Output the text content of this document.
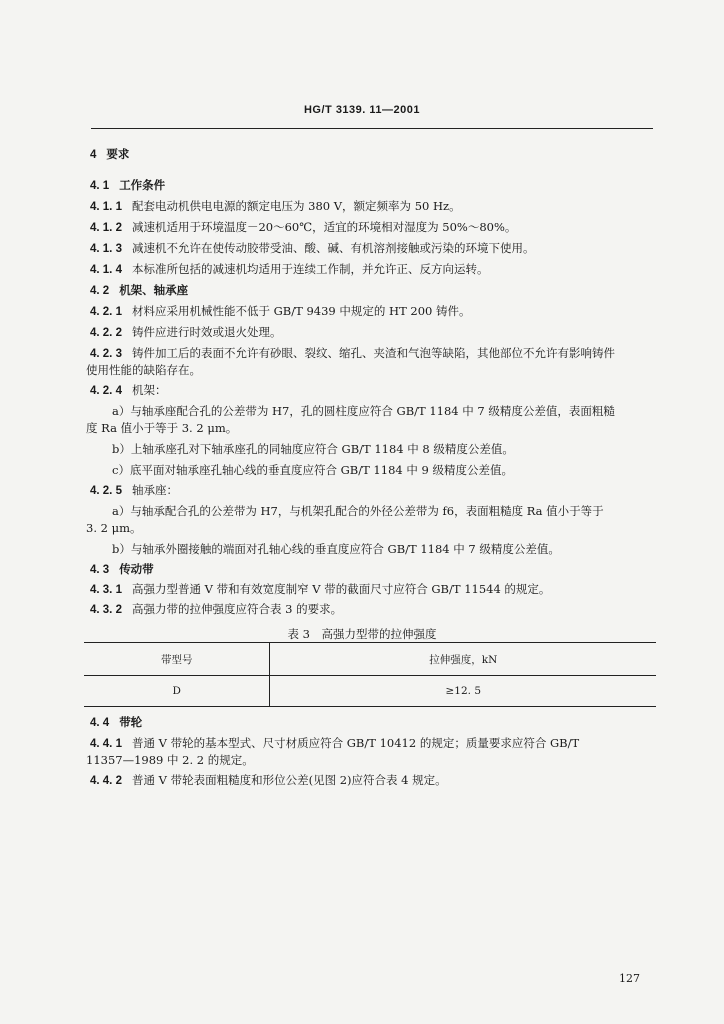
HG/T 3139. 11—2001
4 要求
4. 1 工作条件
4. 1. 1 配套电动机供电电源的额定电压为 380 V，额定频率为 50 Hz。
4. 1. 2 减速机适用于环境温度－20～60℃，适宜的环境相对湿度为 50%～80%。
4. 1. 3 减速机不允许在使传动胶带受油、酸、碱、有机溶剂接触或污染的环境下使用。
4. 1. 4 本标准所包括的减速机均适用于连续工作制，并允许正、反方向运转。
4. 2 机架、轴承座
4. 2. 1 材料应采用机械性能不低于 GB/T 9439 中规定的 HT 200 铸件。
4. 2. 2 铸件应进行时效或退火处理。
4. 2. 3 铸件加工后的表面不允许有砂眼、裂纹、缩孔、夹渣和气泡等缺陷，其他部位不允许有影响铸件
使用性能的缺陷存在。
4. 2. 4 机架：
a）与轴承座配合孔的公差带为 H7，孔的圆柱度应符合 GB/T 1184 中 7 级精度公差值，表面粗糙
度 Ra 值小于等于 3. 2 μm。
b）上轴承座孔对下轴承座孔的同轴度应符合 GB/T 1184 中 8 级精度公差值。
c）底平面对轴承座孔轴心线的垂直度应符合 GB/T 1184 中 9 级精度公差值。
4. 2. 5 轴承座：
a）与轴承配合孔的公差带为 H7，与机架孔配合的外径公差带为 f6，表面粗糙度 Ra 值小于等于
3. 2 μm。
b）与轴承外圈接触的端面对孔轴心线的垂直度应符合 GB/T 1184 中 7 级精度公差值。
4. 3 传动带
4. 3. 1 高强力型普通 V 带和有效宽度制窄 V 带的截面尺寸应符合 GB/T 11544 的规定。
4. 3. 2 高强力带的拉伸强度应符合表 3 的要求。
表 3　高强力型带的拉伸强度
带型号	拉伸强度，kN
D	≥12. 5
4. 4 带轮
4. 4. 1 普通 V 带轮的基本型式、尺寸材质应符合 GB/T 10412 的规定；质量要求应符合 GB/T
11357—1989 中 2. 2 的规定。
4. 4. 2 普通 V 带轮表面粗糙度和形位公差(见图 2)应符合表 4 规定。
127
